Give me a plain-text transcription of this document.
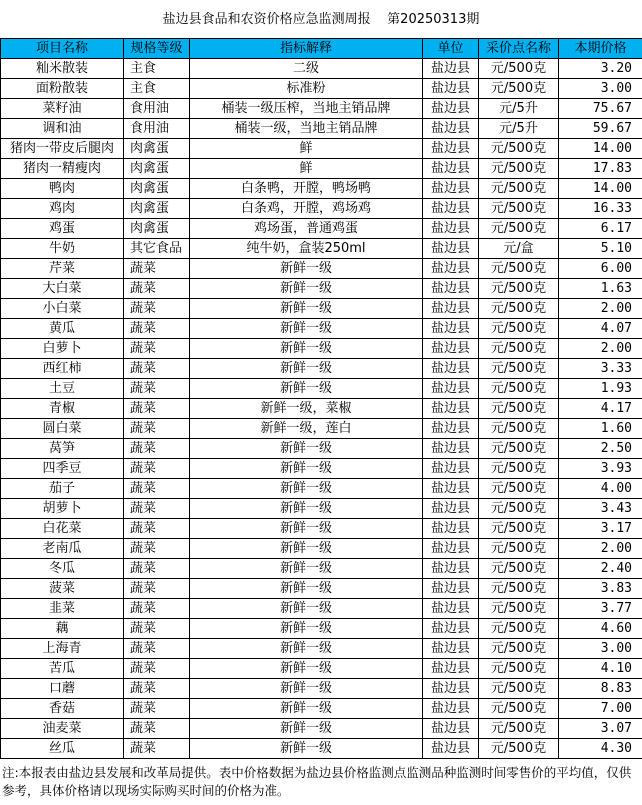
盐边县食品和农资价格应急监测周报    第20250313期
项目名称	规格等级	指标解释	单位	采价点名称	本期价格
籼米散装	主食	二级	盐边县	元/500克	3.20
面粉散装	主食	标准粉	盐边县	元/500克	3.00
菜籽油	食用油	桶装一级压榨，当地主销品牌	盐边县	元/5升	75.67
调和油	食用油	桶装一级，当地主销品牌	盐边县	元/5升	59.67
猪肉一带皮后腿肉	肉禽蛋	鲜	盐边县	元/500克	14.00
猪肉一精瘦肉	肉禽蛋	鲜	盐边县	元/500克	17.83
鸭肉	肉禽蛋	白条鸭，开膛，鸭场鸭	盐边县	元/500克	14.00
鸡肉	肉禽蛋	白条鸡，开膛，鸡场鸡	盐边县	元/500克	16.33
鸡蛋	肉禽蛋	鸡场蛋，普通鸡蛋	盐边县	元/500克	6.17
牛奶	其它食品	纯牛奶，盒装250ml	盐边县	元/盒	5.10
芹菜	蔬菜	新鲜一级	盐边县	元/500克	6.00
大白菜	蔬菜	新鲜一级	盐边县	元/500克	1.63
小白菜	蔬菜	新鲜一级	盐边县	元/500克	2.00
黄瓜	蔬菜	新鲜一级	盐边县	元/500克	4.07
白萝卜	蔬菜	新鲜一级	盐边县	元/500克	2.00
西红柿	蔬菜	新鲜一级	盐边县	元/500克	3.33
土豆	蔬菜	新鲜一级	盐边县	元/500克	1.93
青椒	蔬菜	新鲜一级，菜椒	盐边县	元/500克	4.17
圆白菜	蔬菜	新鲜一级，莲白	盐边县	元/500克	1.60
莴笋	蔬菜	新鲜一级	盐边县	元/500克	2.50
四季豆	蔬菜	新鲜一级	盐边县	元/500克	3.93
茄子	蔬菜	新鲜一级	盐边县	元/500克	4.00
胡萝卜	蔬菜	新鲜一级	盐边县	元/500克	3.43
白花菜	蔬菜	新鲜一级	盐边县	元/500克	3.17
老南瓜	蔬菜	新鲜一级	盐边县	元/500克	2.00
冬瓜	蔬菜	新鲜一级	盐边县	元/500克	2.40
菠菜	蔬菜	新鲜一级	盐边县	元/500克	3.83
韭菜	蔬菜	新鲜一级	盐边县	元/500克	3.77
藕	蔬菜	新鲜一级	盐边县	元/500克	4.60
上海青	蔬菜	新鲜一级	盐边县	元/500克	3.00
苦瓜	蔬菜	新鲜一级	盐边县	元/500克	4.10
口蘑	蔬菜	新鲜一级	盐边县	元/500克	8.83
香菇	蔬菜	新鲜一级	盐边县	元/500克	7.00
油麦菜	蔬菜	新鲜一级	盐边县	元/500克	3.07
丝瓜	蔬菜	新鲜一级	盐边县	元/500克	4.30
注:本报表由盐边县发展和改革局提供。表中价格数据为盐边县价格监测点监测品种监测时间零售价的平均值，仅供参考，具体价格请以现场实际购买时间的价格为准。
